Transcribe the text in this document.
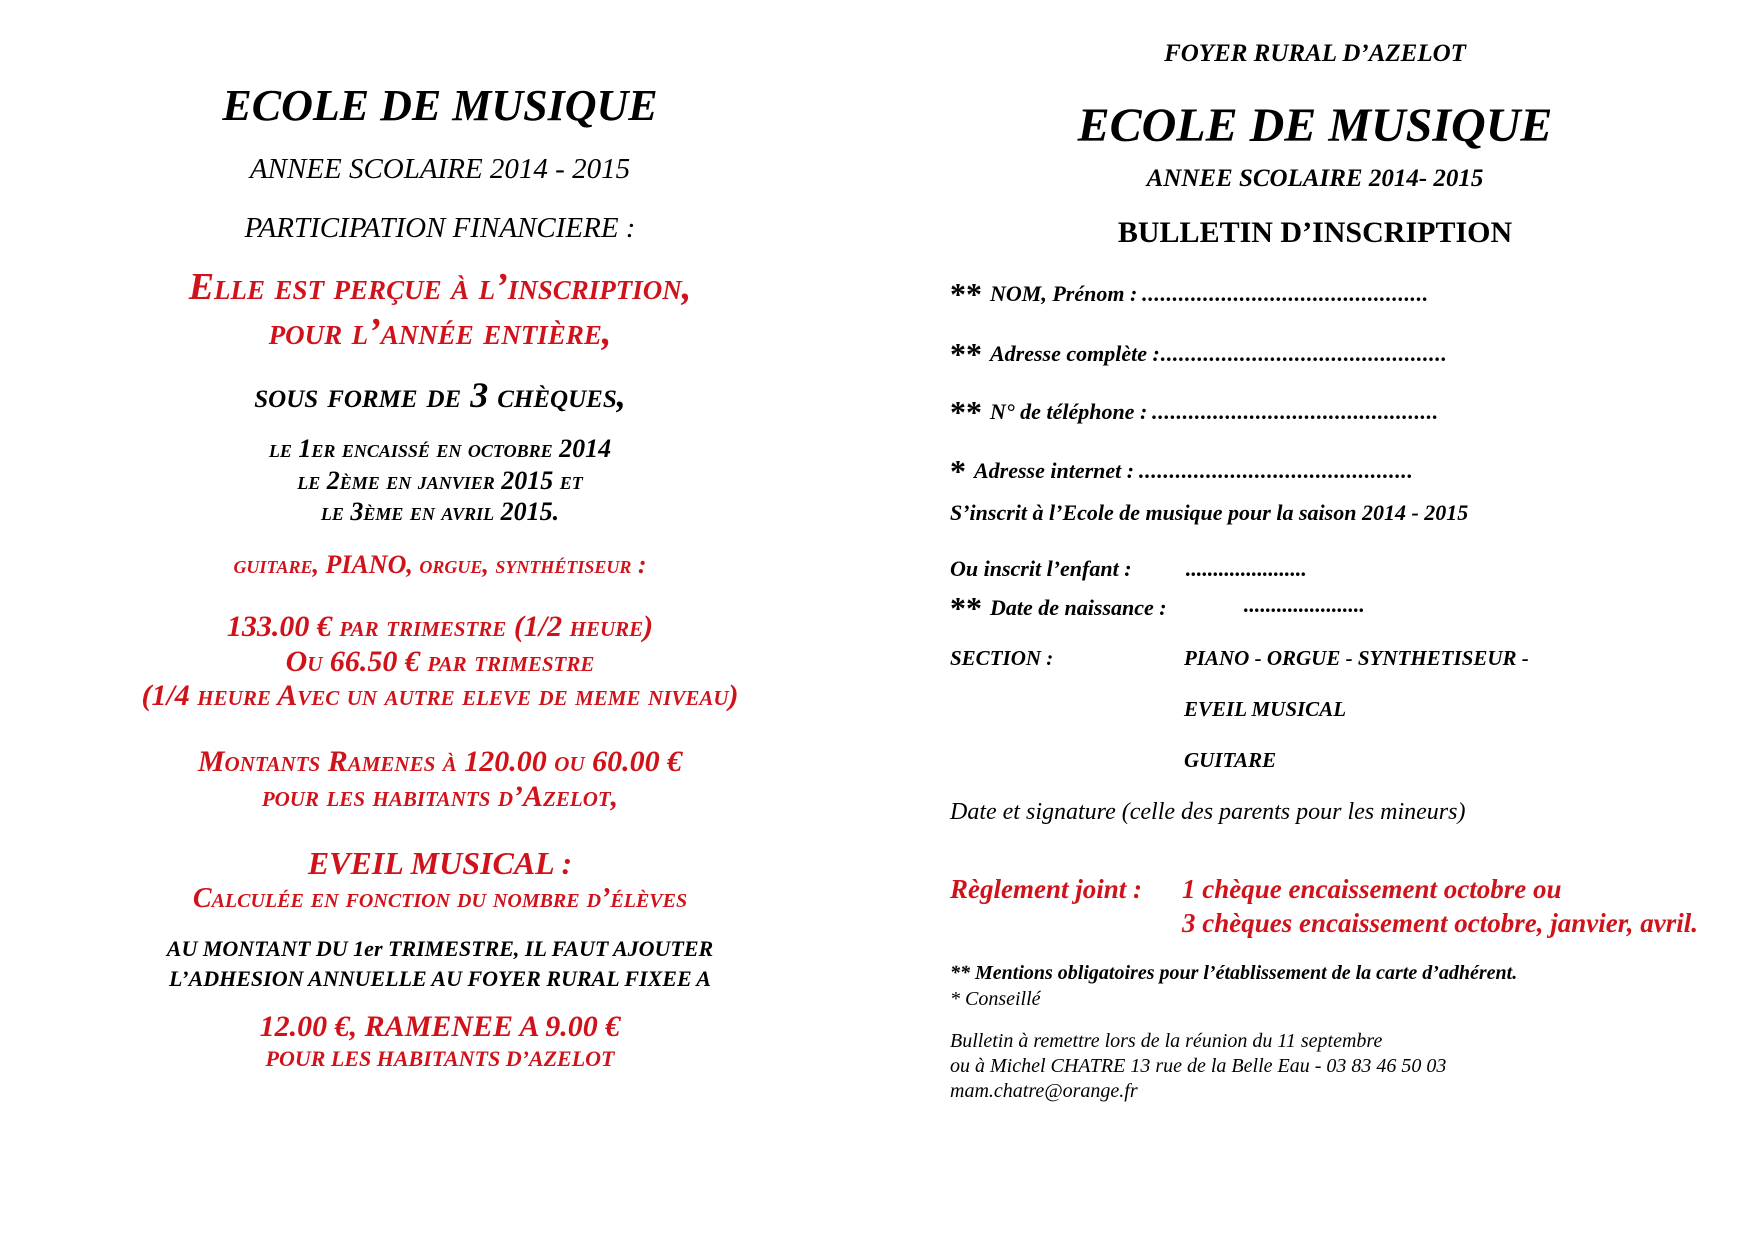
ECOLE DE MUSIQUE
ANNEE SCOLAIRE 2014 - 2015
PARTICIPATION FINANCIERE :
Elle est perçue à l’inscription,
pour l’année entière,
sous forme de 3 chèques,
le 1er encaissé en octobre 2014
le 2ème en janvier 2015 et
le 3ème en avril 2015.
guitare, PIANO, orgue, synthétiseur :
133.00 € par trimestre (1/2 heure)
Ou 66.50 € par trimestre
(1/4 heure Avec un autre eleve de meme niveau)
Montants Ramenes à 120.00 ou 60.00 €
pour les habitants d’Azelot,
EVEIL MUSICAL :
Calculée en fonction du nombre d’élèves
AU MONTANT DU 1er TRIMESTRE, IL FAUT AJOUTER
L’ADHESION ANNUELLE AU FOYER RURAL FIXEE A
12.00 €, RAMENEE A 9.00 €
POUR LES HABITANTS D’AZELOT
FOYER RURAL D’AZELOT
ECOLE DE MUSIQUE
ANNEE SCOLAIRE 2014- 2015
BULLETIN D’INSCRIPTION
** NOM, Prénom : ...............................................
** Adresse complète :...............................................
** N° de téléphone : ...............................................
* Adresse internet : .............................................
S’inscrit à l’Ecole de musique pour la saison 2014 - 2015
Ou inscrit l’enfant : ......................
** Date de naissance :	......................
SECTION :	PIANO - ORGUE - SYNTHETISEUR -
EVEIL MUSICAL
GUITARE
Date et signature (celle des parents pour les mineurs)
Règlement joint : 1 chèque encaissement octobre ou
3 chèques encaissement octobre, janvier, avril.
** Mentions obligatoires pour l’établissement de la carte d’adhérent.
* Conseillé
Bulletin à remettre lors de la réunion du 11 septembre
ou à Michel CHATRE 13 rue de la Belle Eau - 03 83 46 50 03
mam.chatre@orange.fr
